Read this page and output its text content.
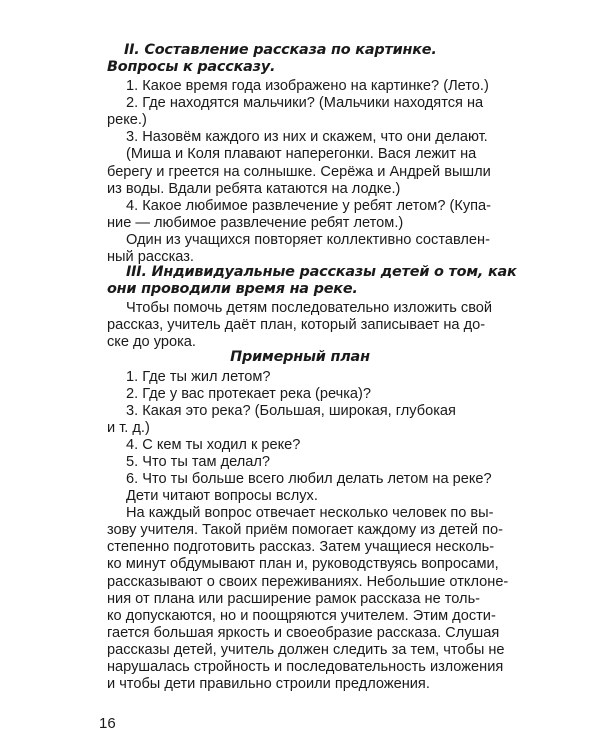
II. Составление рассказа по картинке.

Вопросы к рассказу.

1. Какое время года изображено на картинке? (Лето.)

2. Где находятся мальчики? (Мальчики находятся на

реке.)

3. Назовём каждого из них и скажем, что они делают.

(Миша и Коля плавают наперегонки. Вася лежит на

берегу и греется на солнышке. Серёжа и Андрей вышли

из воды. Вдали ребята катаются на лодке.)

4. Какое любимое развлечение у ребят летом? (Купа-

ние — любимое развлечение ребят летом.)

Один из учащихся повторяет коллективно составлен-

ный рассказ.

III. Индивидуальные рассказы детей о том, как

они проводили время на реке.

Чтобы помочь детям последовательно изложить свой

рассказ, учитель даёт план, который записывает на до-

ске до урока.

Примерный план

1. Где ты жил летом?

2. Где у вас протекает река (речка)?

3. Какая это река? (Большая, широкая, глубокая

и т. д.)

4. С кем ты ходил к реке?

5. Что ты там делал?

6. Что ты больше всего любил делать летом на реке?

Дети читают вопросы вслух.

На каждый вопрос отвечает несколько человек по вы-

зову учителя. Такой приём помогает каждому из детей по-

степенно подготовить рассказ. Затем учащиеся несколь-

ко минут обдумывают план и, руководствуясь вопросами,

рассказывают о своих переживаниях. Небольшие отклоне-

ния от плана или расширение рамок рассказа не толь-

ко допускаются, но и поощряются учителем. Этим дости-

гается большая яркость и своеобразие рассказа. Слушая

рассказы детей, учитель должен следить за тем, чтобы не

нарушалась стройность и последовательность изложения

и чтобы дети правильно строили предложения.

16
